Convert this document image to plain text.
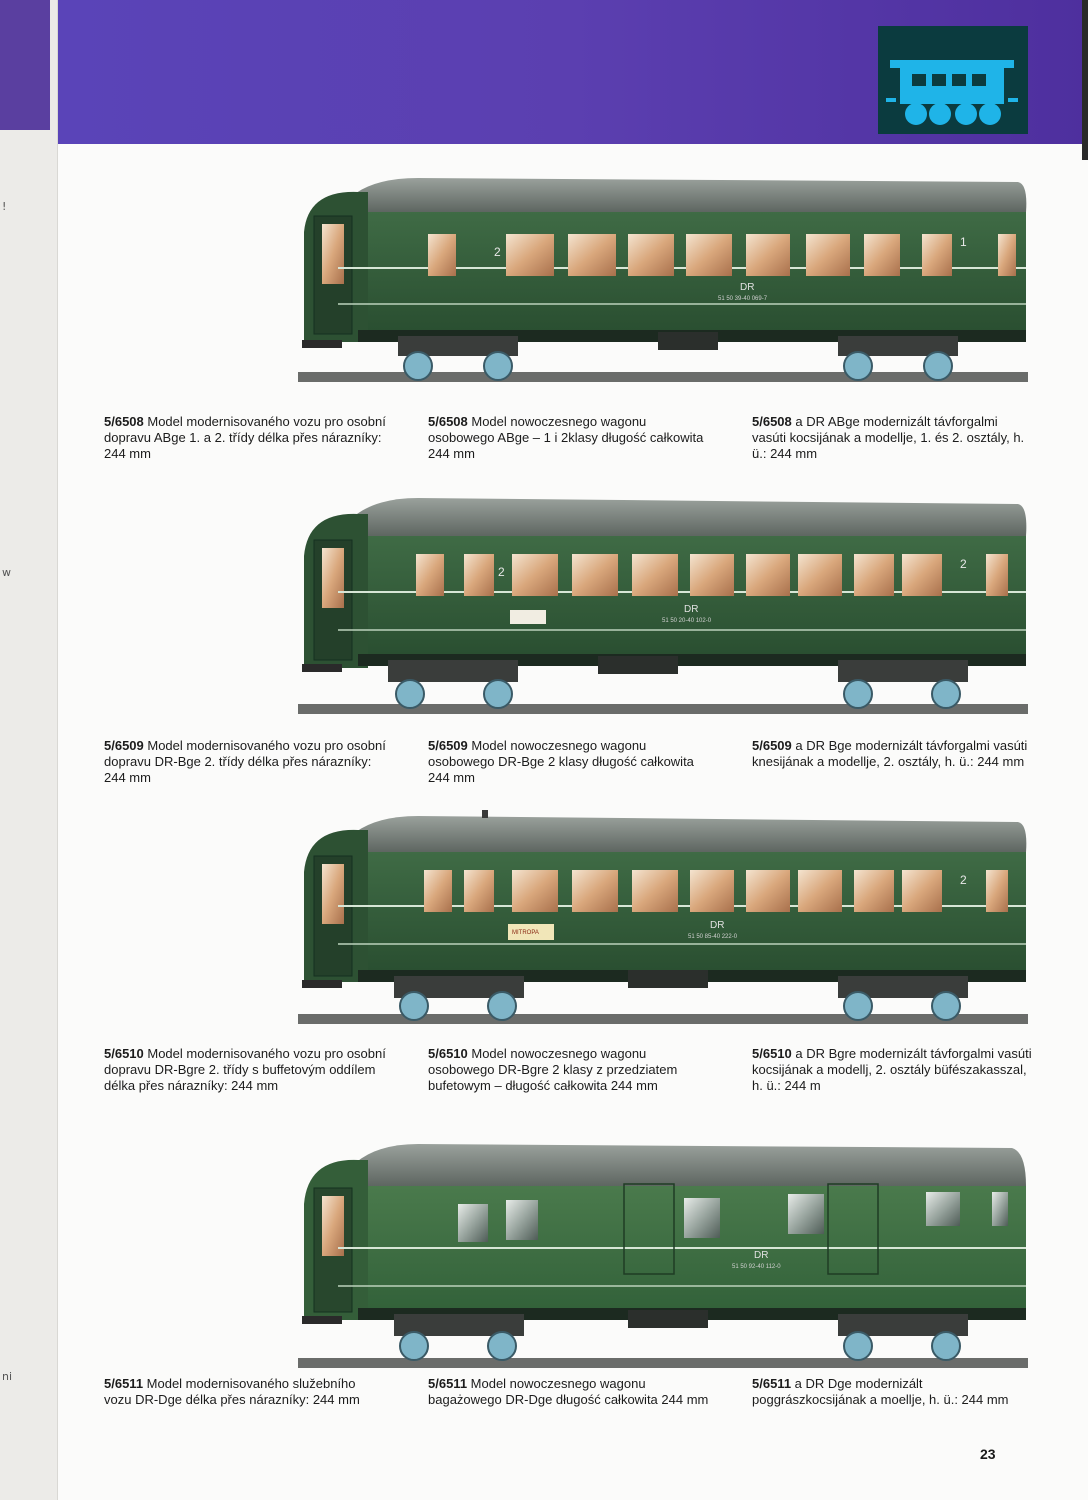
!
w
ni
2
1
DR
51 50 39-40 069-7
5/6508 Model modernisovaného vozu pro osobní dopravu ABge 1. a 2. třídy délka přes nárazníky: 244 mm
5/6508 Model nowoczesnego wagonu osobowego ABge – 1 i 2klasy długość całkowita 244 mm
5/6508 a DR ABge modernizált távforgalmi vasúti kocsijának a modellje, 1. és 2. osztály, h. ü.: 244 mm
2
2
DR
51 50 20-40 102-0
5/6509 Model modernisovaného vozu pro osobní dopravu DR-Bge 2. třídy délka přes nárazníky: 244 mm
5/6509 Model nowoczesnego wagonu osobowego DR-Bge 2 klasy długość całkowita 244 mm
5/6509 a DR Bge modernizált távforgalmi vasúti knesijának a modellje, 2. osztály, h. ü.: 244 mm
2
MITROPA
DR
51 50 85-40 222-0
5/6510 Model modernisovaného vozu pro osobní dopravu DR-Bgre 2. třídy s buffetovým oddílem délka přes nárazníky: 244 mm
5/6510 Model nowoczesnego wagonu osobowego DR-Bgre 2 klasy z przedziatem bufetowym – długość całkowita 244 mm
5/6510 a DR Bgre modernizált távforgalmi vasúti kocsijának a modellj, 2. osztály büfészakasszal, h. ü.: 244 m
DR
51 50 92-40 112-0
5/6511 Model modernisovaného služebního vozu DR-Dge délka přes nárazníky: 244 mm
5/6511 Model nowoczesnego wagonu bagażowego DR-Dge długość całkowita 244 mm
5/6511 a DR Dge modernizált poggrászkocsijának a moellje, h. ü.: 244 mm
23
